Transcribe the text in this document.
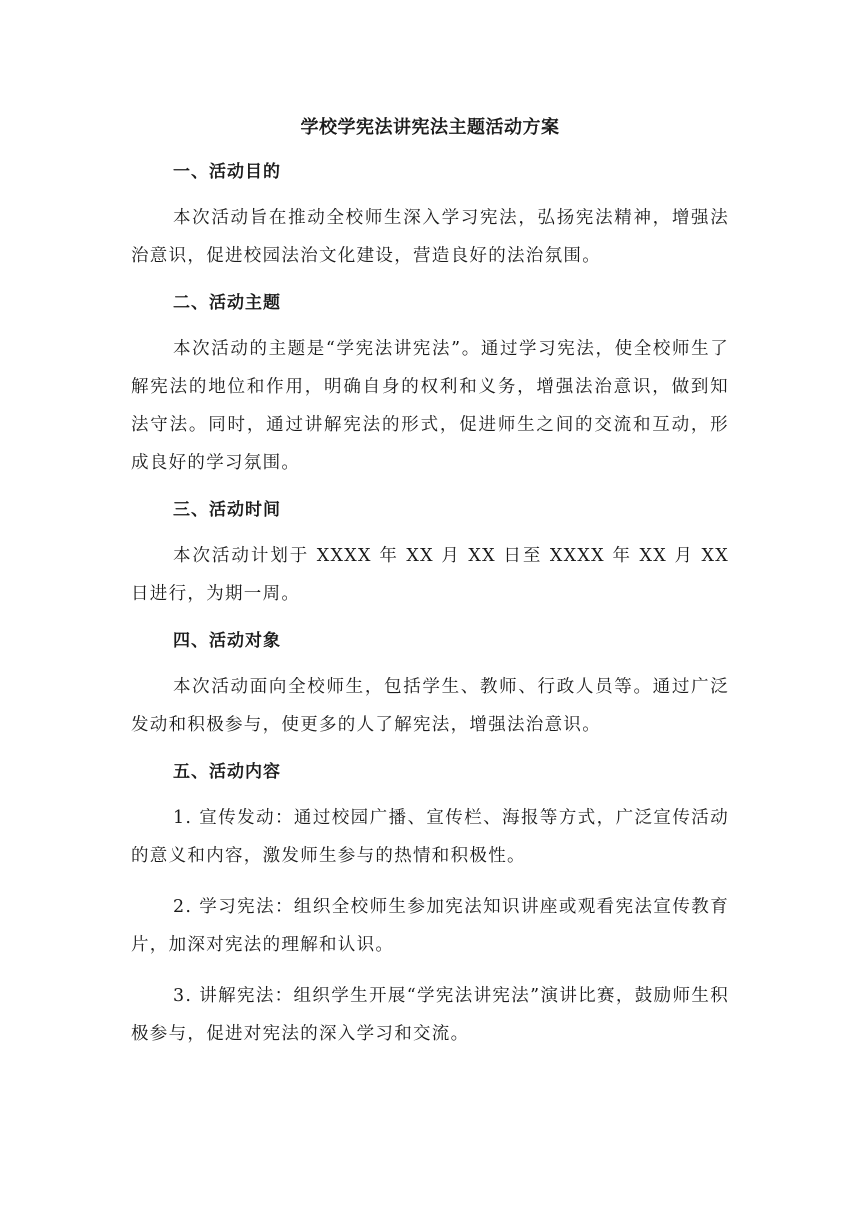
学校学宪法讲宪法主题活动方案
一、活动目的

本次活动旨在推动全校师生深入学习宪法，弘扬宪法精神，增强法治意识，促进校园法治文化建设，营造良好的法治氛围。

二、活动主题

本次活动的主题是“学宪法讲宪法”。通过学习宪法，使全校师生了解宪法的地位和作用，明确自身的权利和义务，增强法治意识，做到知法守法。同时，通过讲解宪法的形式，促进师生之间的交流和互动，形成良好的学习氛围。

三、活动时间

本次活动计划于 XXXX 年 XX 月 XX 日至 XXXX 年 XX 月 XX 日进行，为期一周。

四、活动对象

本次活动面向全校师生，包括学生、教师、行政人员等。通过广泛发动和积极参与，使更多的人了解宪法，增强法治意识。

五、活动内容

1. 宣传发动：通过校园广播、宣传栏、海报等方式，广泛宣传活动的意义和内容，激发师生参与的热情和积极性。

2. 学习宪法：组织全校师生参加宪法知识讲座或观看宪法宣传教育片，加深对宪法的理解和认识。

3. 讲解宪法：组织学生开展“学宪法讲宪法”演讲比赛，鼓励师生积极参与，促进对宪法的深入学习和交流。
